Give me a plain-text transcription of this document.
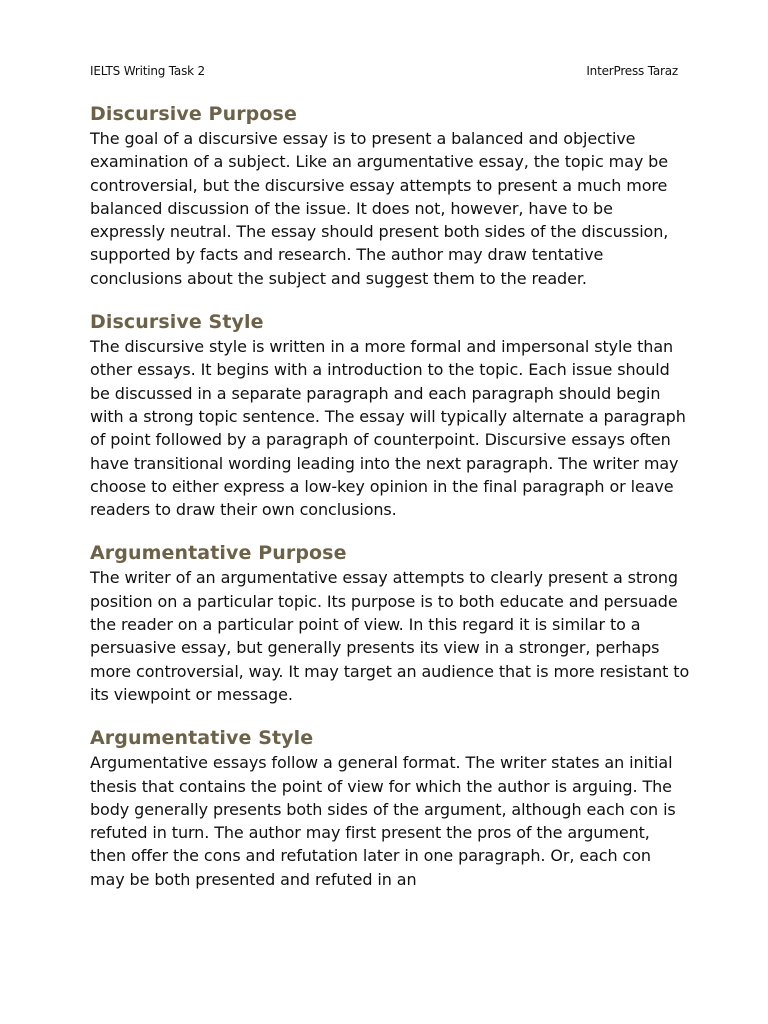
IELTS Writing Task 2	InterPress Taraz
Discursive Purpose

The goal of a discursive essay is to present a balanced and objective examination of a subject. Like an argumentative essay, the topic may be controversial, but the discursive essay attempts to present a much more balanced discussion of the issue. It does not, however, have to be expressly neutral. The essay should present both sides of the discussion, supported by facts and research. The author may draw tentative conclusions about the subject and suggest them to the reader.

Discursive Style

The discursive style is written in a more formal and impersonal style than other essays. It begins with a introduction to the topic. Each issue should be discussed in a separate paragraph and each paragraph should begin with a strong topic sentence. The essay will typically alternate a paragraph of point followed by a paragraph of counterpoint. Discursive essays often have transitional wording leading into the next paragraph. The writer may choose to either express a low-key opinion in the final paragraph or leave readers to draw their own conclusions.

Argumentative Purpose

The writer of an argumentative essay attempts to clearly present a strong position on a particular topic. Its purpose is to both educate and persuade the reader on a particular point of view. In this regard it is similar to a persuasive essay, but generally presents its view in a stronger, perhaps more controversial, way. It may target an audience that is more resistant to its viewpoint or message.

Argumentative Style

Argumentative essays follow a general format. The writer states an initial thesis that contains the point of view for which the author is arguing. The body generally presents both sides of the argument, although each con is refuted in turn. The author may first present the pros of the argument, then offer the cons and refutation later in one paragraph. Or, each con may be both presented and refuted in an
